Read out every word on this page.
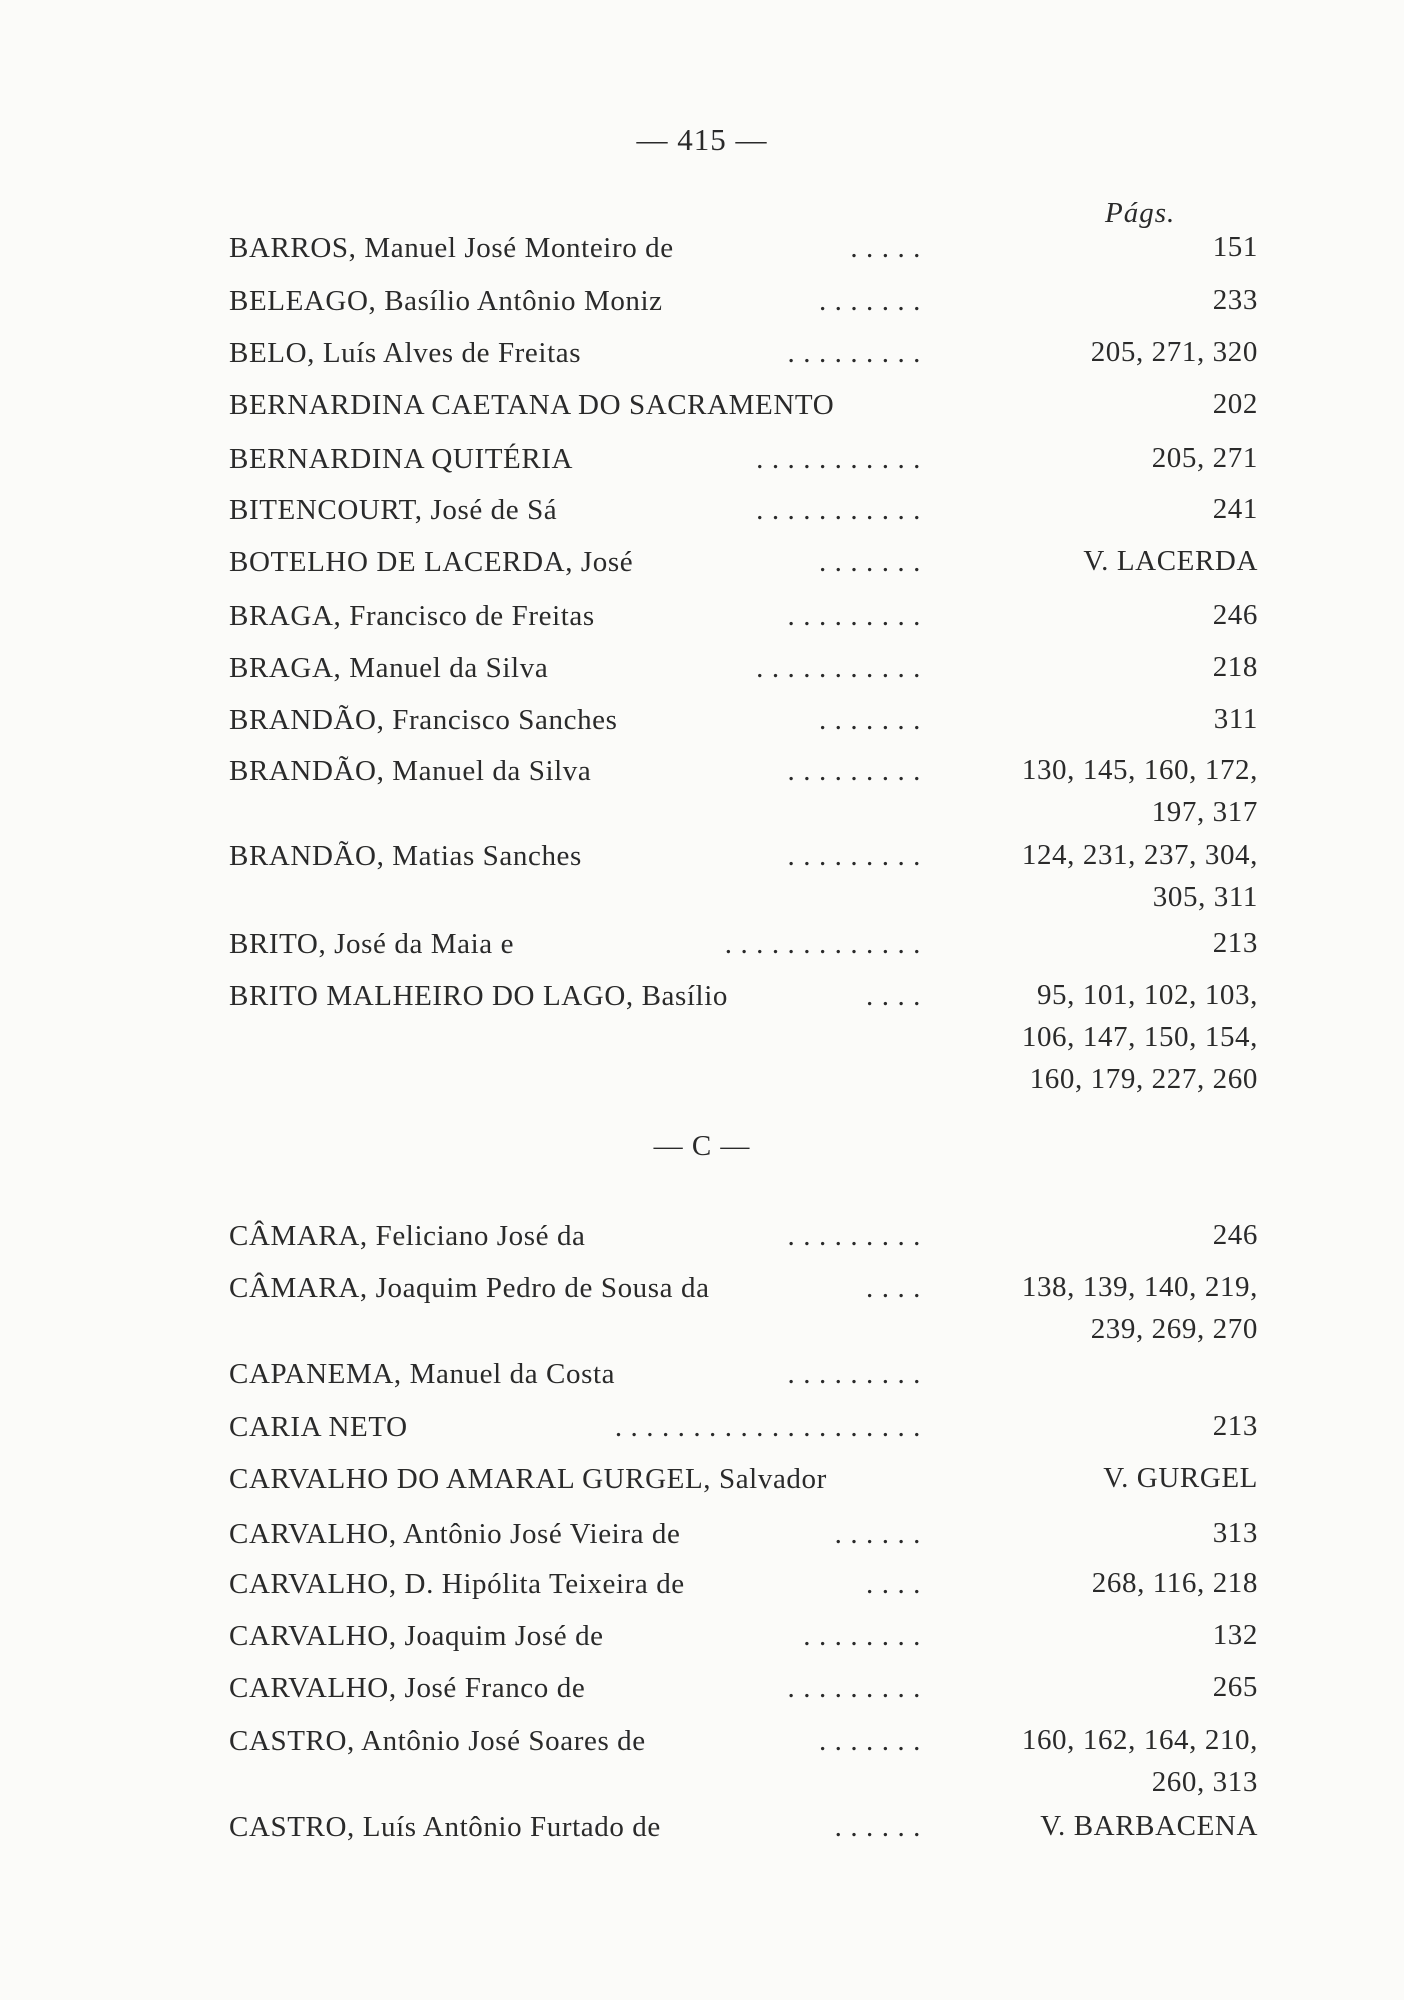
— 415 —
Págs.
BARROS, Manuel José Monteiro de	. . . . .	151
BELEAGO, Basílio Antônio Moniz	. . . . . . .	233
BELO, Luís Alves de Freitas	. . . . . . . . .	205, 271, 320
BERNARDINA CAETANA DO SACRAMENTO	202
BERNARDINA QUITÉRIA	. . . . . . . . . . .	205, 271
BITENCOURT, José de Sá	. . . . . . . . . . .	241
BOTELHO DE LACERDA, José	. . . . . . .	V. LACERDA
BRAGA, Francisco de Freitas	. . . . . . . . .	246
BRAGA, Manuel da Silva	. . . . . . . . . . .	218
BRANDÃO, Francisco Sanches	. . . . . . .	311
BRANDÃO, Manuel da Silva	. . . . . . . . .	130, 145, 160, 172,
197, 317
BRANDÃO, Matias Sanches	. . . . . . . . .	124, 231, 237, 304,
305, 311
BRITO, José da Maia e	. . . . . . . . . . . . .	213
BRITO MALHEIRO DO LAGO, Basílio	. . . .	95, 101, 102, 103,
106, 147, 150, 154,
160, 179, 227, 260
— C —
CÂMARA, Feliciano José da	. . . . . . . . .	246
CÂMARA, Joaquim Pedro de Sousa da	. . . .	138, 139, 140, 219,
239, 269, 270
CAPANEMA, Manuel da Costa	. . . . . . . . .
CARIA NETO	. . . . . . . . . . . . . . . . . . . .	213
CARVALHO DO AMARAL GURGEL, Salvador	V. GURGEL
CARVALHO, Antônio José Vieira de	. . . . . .	313
CARVALHO, D. Hipólita Teixeira de	. . . .	268, 116, 218
CARVALHO, Joaquim José de	. . . . . . . .	132
CARVALHO, José Franco de	. . . . . . . . .	265
CASTRO, Antônio José Soares de	. . . . . . .	160, 162, 164, 210,
260, 313
CASTRO, Luís Antônio Furtado de	. . . . . .	V. BARBACENA
